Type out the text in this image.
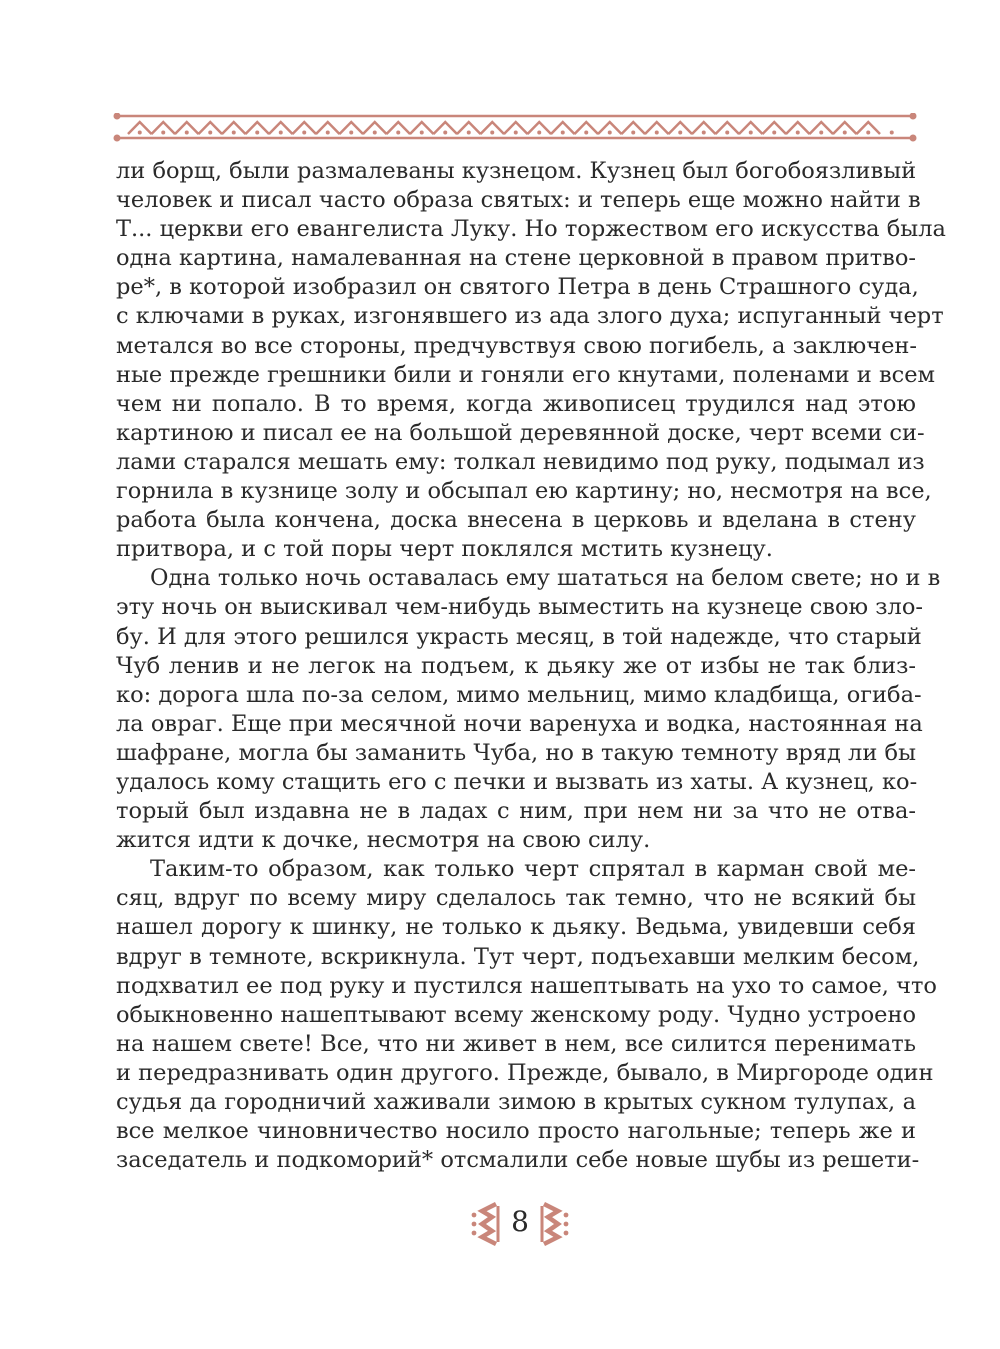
ли борщ, были размалеваны кузнецом. Кузнец был богобоязливый
человек и писал часто образа святых: и теперь еще можно найти в
Т... церкви его евангелиста Луку. Но торжеством его искусства была
одна картина, намалеванная на стене церковной в правом притво-
ре*, в которой изобразил он святого Петра в день Страшного суда,
с ключами в руках, изгонявшего из ада злого духа; испуганный черт
метался во все стороны, предчувствуя свою погибель, а заключен-
ные прежде грешники били и гоняли его кнутами, поленами и всем
чем ни попало. В то время, когда живописец трудился над этою
картиною и писал ее на большой деревянной доске, черт всеми си-
лами старался мешать ему: толкал невидимо под руку, подымал из
горнила в кузнице золу и обсыпал ею картину; но, несмотря на все,
работа была кончена, доска внесена в церковь и вделана в стену
притвора, и с той поры черт поклялся мстить кузнецу.
Одна только ночь оставалась ему шататься на белом свете; но и в
эту ночь он выискивал чем-нибудь выместить на кузнеце свою зло-
бу. И для этого решился украсть месяц, в той надежде, что старый
Чуб ленив и не легок на подъем, к дьяку же от избы не так близ-
ко: дорога шла по-за селом, мимо мельниц, мимо кладбища, огиба-
ла овраг. Еще при месячной ночи варенуха и водка, настоянная на
шафране, могла бы заманить Чуба, но в такую темноту вряд ли бы
удалось кому стащить его с печки и вызвать из хаты. А кузнец, ко-
торый был издавна не в ладах с ним, при нем ни за что не отва-
жится идти к дочке, несмотря на свою силу.
Таким-то образом, как только черт спрятал в карман свой ме-
сяц, вдруг по всему миру сделалось так темно, что не всякий бы
нашел дорогу к шинку, не только к дьяку. Ведьма, увидевши себя
вдруг в темноте, вскрикнула. Тут черт, подъехавши мелким бесом,
подхватил ее под руку и пустился нашептывать на ухо то самое, что
обыкновенно нашептывают всему женскому роду. Чудно устроено
на нашем свете! Все, что ни живет в нем, все силится перенимать
и передразнивать один другого. Прежде, бывало, в Миргороде один
судья да городничий хаживали зимою в крытых сукном тулупах, а
все мелкое чиновничество носило просто нагольные; теперь же и
заседатель и подкоморий* отсмалили себе новые шубы из решети-
8
